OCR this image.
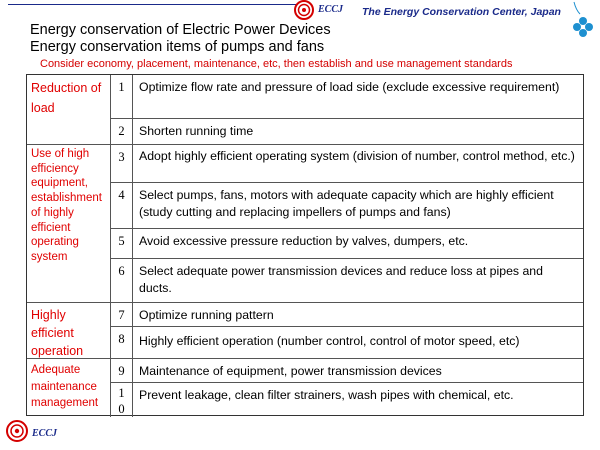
ECCJ The Energy Conservation Center, Japan
Energy conservation of Electric Power Devices
Energy conservation items of pumps and fans
Consider economy, placement, maintenance, etc, then establish and use management standards
Reduction of load
Use of high efficiency equipment, establishment of highly efficient operating system
Highly efficient operation
Adequate maintenance management
1
2
3
4
5
6
7
8
9
10
Optimize flow rate and pressure of load side (exclude excessive requirement)
Shorten running time
Adopt highly efficient operating system (division of number, control method, etc.)
Select pumps, fans, motors with adequate capacity which are highly efficient (study cutting and replacing impellers of pumps and fans)
Avoid excessive pressure reduction by valves, dumpers, etc.
Select adequate power transmission devices and reduce loss at pipes and ducts.
Optimize running pattern
Highly efficient operation (number control, control of motor speed, etc)
Maintenance of equipment, power transmission devices
Prevent leakage, clean filter strainers, wash pipes with chemical, etc.
ECCJ
